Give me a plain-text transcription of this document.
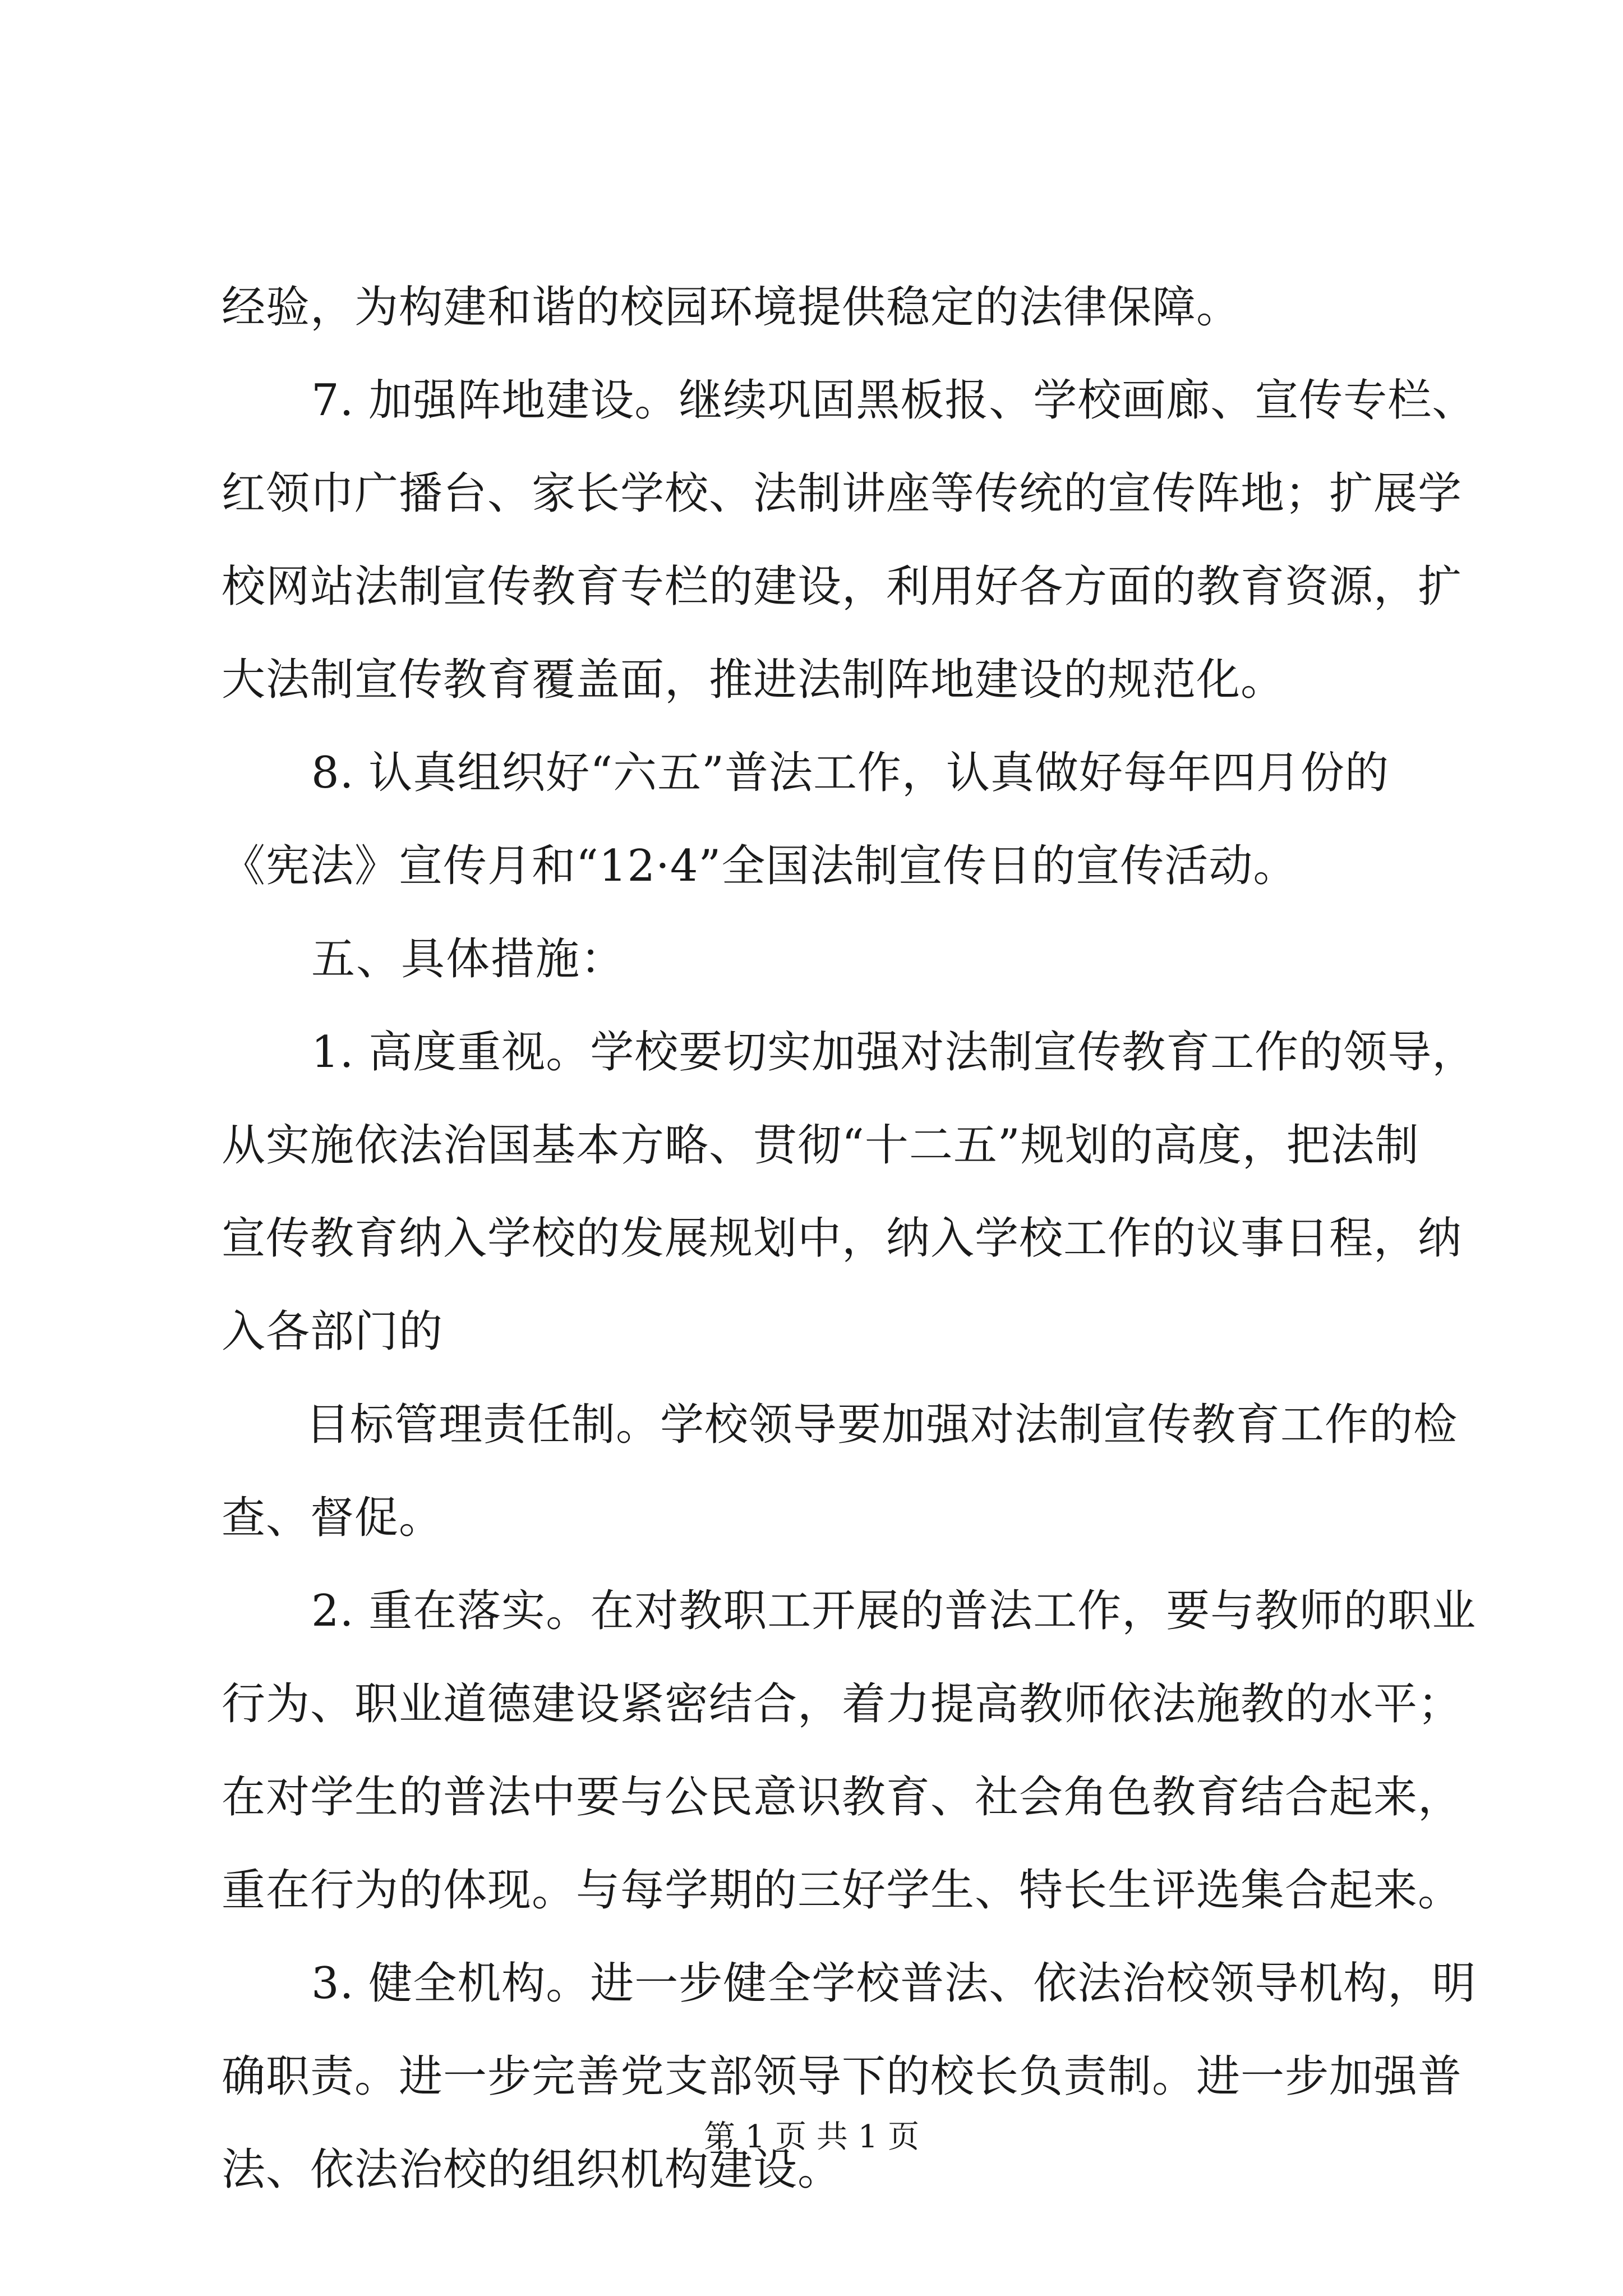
经验，为构建和谐的校园环境提供稳定的法律保障。
7. 加强阵地建设。继续巩固黑板报、学校画廊、宣传专栏、
红领巾广播台、家长学校、法制讲座等传统的宣传阵地；扩展学
校网站法制宣传教育专栏的建设，利用好各方面的教育资源，扩
大法制宣传教育覆盖面，推进法制阵地建设的规范化。
8. 认真组织好“六五”普法工作，认真做好每年四月份的
《宪法》宣传月和“12·4”全国法制宣传日的宣传活动。
五、具体措施：
1. 高度重视。学校要切实加强对法制宣传教育工作的领导，
从实施依法治国基本方略、贯彻“十二五”规划的高度，把法制
宣传教育纳入学校的发展规划中，纳入学校工作的议事日程，纳
入各部门的
目标管理责任制。学校领导要加强对法制宣传教育工作的检
查、督促。
2. 重在落实。在对教职工开展的普法工作，要与教师的职业
行为、职业道德建设紧密结合，着力提高教师依法施教的水平；
在对学生的普法中要与公民意识教育、社会角色教育结合起来，
重在行为的体现。与每学期的三好学生、特长生评选集合起来。
3. 健全机构。进一步健全学校普法、依法治校领导机构，明
确职责。进一步完善党支部领导下的校长负责制。进一步加强普
法、依法治校的组织机构建设。
第 1 页 共 1 页
